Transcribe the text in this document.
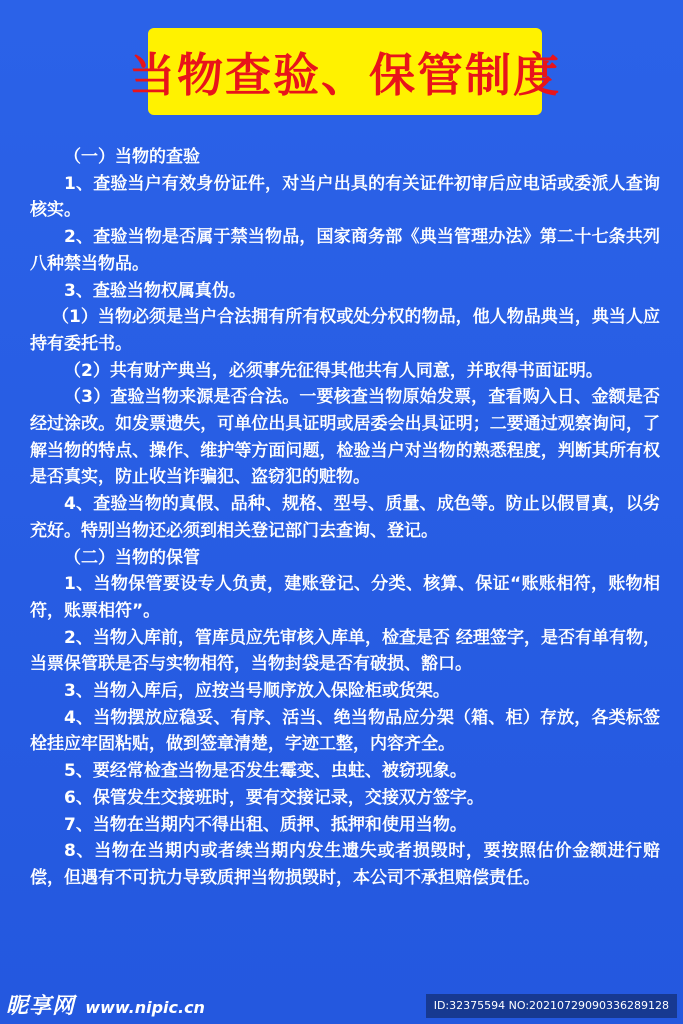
当物查验、保管制度

（一）当物的查验

1、查验当户有效身份证件，对当户出具的有关证件初审后应电话或委派人查询核实。

2、查验当物是否属于禁当物品，国家商务部《典当管理办法》第二十七条共列八种禁当物品。

3、查验当物权属真伪。

（1）当物必须是当户合法拥有所有权或处分权的物品，他人物品典当，典当人应持有委托书。

（2）共有财产典当，必须事先征得其他共有人同意，并取得书面证明。

（3）查验当物来源是否合法。一要核查当物原始发票，查看购入日、金额是否经过涂改。如发票遗失，可单位出具证明或居委会出具证明；二要通过观察询问，了解当物的特点、操作、维护等方面问题，检验当户对当物的熟悉程度，判断其所有权是否真实，防止收当诈骗犯、盗窃犯的赃物。

4、查验当物的真假、品种、规格、型号、质量、成色等。防止以假冒真，以劣充好。特别当物还必须到相关登记部门去查询、登记。

（二）当物的保管

1、当物保管要设专人负责，建账登记、分类、核算、保证“账账相符，账物相符，账票相符”。

2、当物入库前，管库员应先审核入库单，检查是否 经理签字，是否有单有物，当票保管联是否与实物相符，当物封袋是否有破损、豁口。

3、当物入库后，应按当号顺序放入保险柜或货架。

4、当物摆放应稳妥、有序、活当、绝当物品应分架（箱、柜）存放，各类标签栓挂应牢固粘贴，做到签章清楚，字迹工整，内容齐全。

5、要经常检查当物是否发生霉变、虫蛀、被窃现象。

6、保管发生交接班时，要有交接记录，交接双方签字。

7、当物在当期内不得出租、质押、抵押和使用当物。

8、当物在当期内或者续当期内发生遗失或者损毁时，要按照估价金额进行赔偿，但遇有不可抗力导致质押当物损毁时，本公司不承担赔偿责任。

昵享网 www.nipic.cn	ID:32375594 NO:20210729090336289128
